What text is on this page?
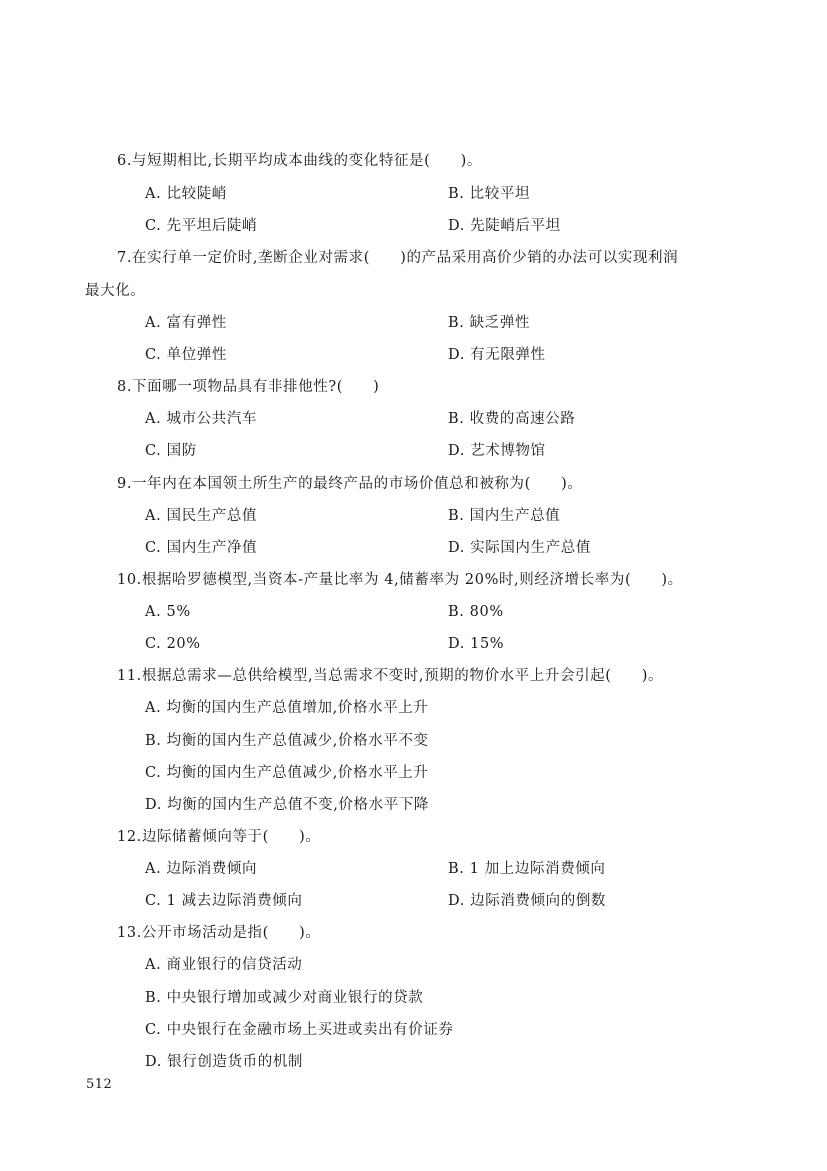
6.与短期相比,长期平均成本曲线的变化特征是(　　)。
A. 比较陡峭	B. 比较平坦
C. 先平坦后陡峭	D. 先陡峭后平坦
7.在实行单一定价时,垄断企业对需求(　　)的产品采用高价少销的办法可以实现利润
最大化。
A. 富有弹性	B. 缺乏弹性
C. 单位弹性	D. 有无限弹性
8.下面哪一项物品具有非排他性?(　　)
A. 城市公共汽车	B. 收费的高速公路
C. 国防	D. 艺术博物馆
9.一年内在本国领土所生产的最终产品的市场价值总和被称为(　　)。
A. 国民生产总值	B. 国内生产总值
C. 国内生产净值	D. 实际国内生产总值
10.根据哈罗德模型,当资本-产量比率为 4,储蓄率为 20%时,则经济增长率为(　　)。
A. 5%	B. 80%
C. 20%	D. 15%
11.根据总需求—总供给模型,当总需求不变时,预期的物价水平上升会引起(　　)。
A. 均衡的国内生产总值增加,价格水平上升
B. 均衡的国内生产总值减少,价格水平不变
C. 均衡的国内生产总值减少,价格水平上升
D. 均衡的国内生产总值不变,价格水平下降
12.边际储蓄倾向等于(　　)。
A. 边际消费倾向	B. 1 加上边际消费倾向
C. 1 减去边际消费倾向	D. 边际消费倾向的倒数
13.公开市场活动是指(　　)。
A. 商业银行的信贷活动
B. 中央银行增加或减少对商业银行的贷款
C. 中央银行在金融市场上买进或卖出有价证券
D. 银行创造货币的机制
512
